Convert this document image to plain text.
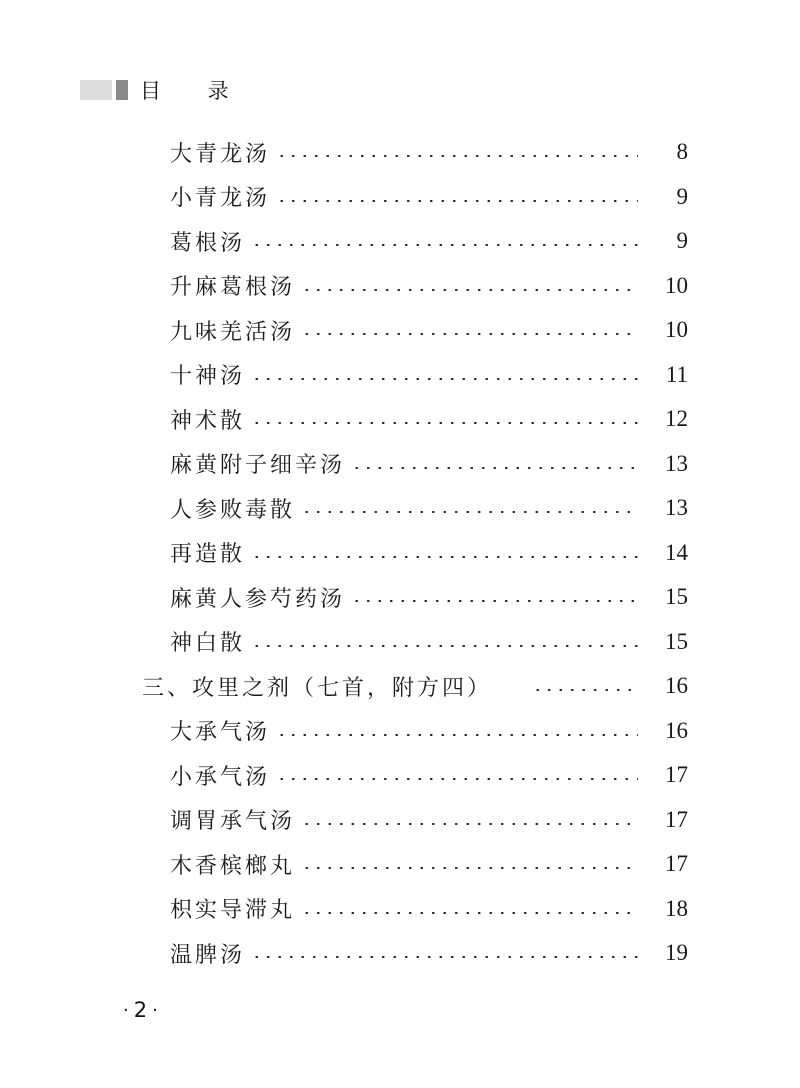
目 录
大青龙汤	8
小青龙汤	9
葛根汤	9
升麻葛根汤	10
九味羌活汤	10
十神汤	11
神术散	12
麻黄附子细辛汤	13
人参败毒散	13
再造散	14
麻黄人参芍药汤	15
神白散	15
三、攻里之剂（七首，附方四）	16
大承气汤	16
小承气汤	17
调胃承气汤	17
木香槟榔丸	17
枳实导滞丸	18
温脾汤	19
· 2 ·
